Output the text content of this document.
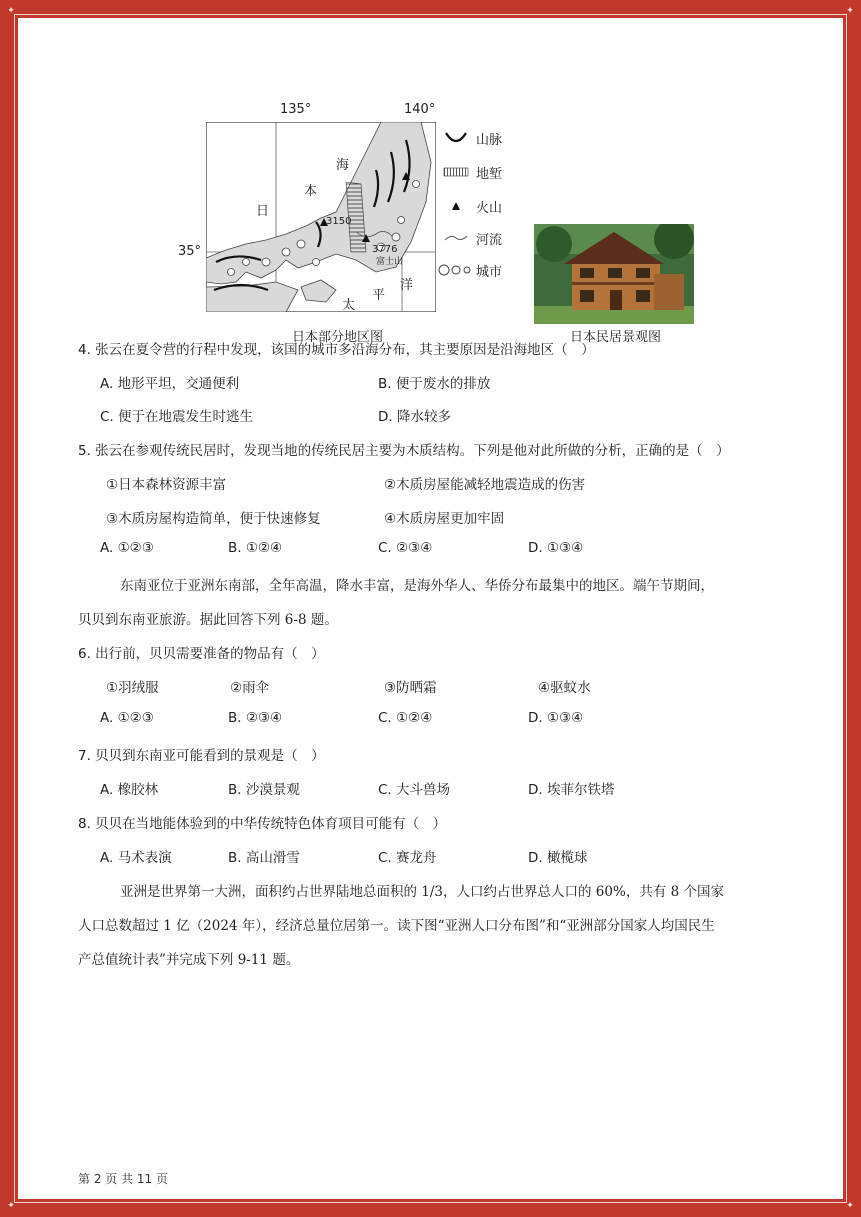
✦	✦
✦	✦
135°	140°
35°
海
本
日
太
平
洋
3150
3776
富士山
山脉
地堑
火山
河流
城市
日本部分地区图	日本民居景观图
4. 张云在夏令营的行程中发现，该国的城市多沿海分布，其主要原因是沿海地区（　）
A. 地形平坦，交通便利	B. 便于废水的排放
C. 便于在地震发生时逃生	D. 降水较多
5. 张云在参观传统民居时，发现当地的传统民居主要为木质结构。下列是他对此所做的分析，正确的是（　）
①日本森林资源丰富	②木质房屋能减轻地震造成的伤害
③木质房屋构造简单，便于快速修复	④木质房屋更加牢固
A. ①②③	B. ①②④	C. ②③④	D. ①③④
东南亚位于亚洲东南部，全年高温，降水丰富，是海外华人、华侨分布最集中的地区。端午节期间，
贝贝到东南亚旅游。据此回答下列 6-8 题。
6. 出行前，贝贝需要准备的物品有（　）
①羽绒服	②雨伞	③防晒霜	④驱蚊水
A. ①②③	B. ②③④	C. ①②④	D. ①③④
7. 贝贝到东南亚可能看到的景观是（　）
A. 橡胶林	B. 沙漠景观	C. 大斗兽场	D. 埃菲尔铁塔
8. 贝贝在当地能体验到的中华传统特色体育项目可能有（　）
A. 马术表演	B. 高山滑雪	C. 赛龙舟	D. 橄榄球
亚洲是世界第一大洲，面积约占世界陆地总面积的 1/3，人口约占世界总人口的 60%，共有 8 个国家
人口总数超过 1 亿（2024 年），经济总量位居第一。读下图“亚洲人口分布图”和“亚洲部分国家人均国民生
产总值统计表”并完成下列 9-11 题。
第 2 页 共 11 页
